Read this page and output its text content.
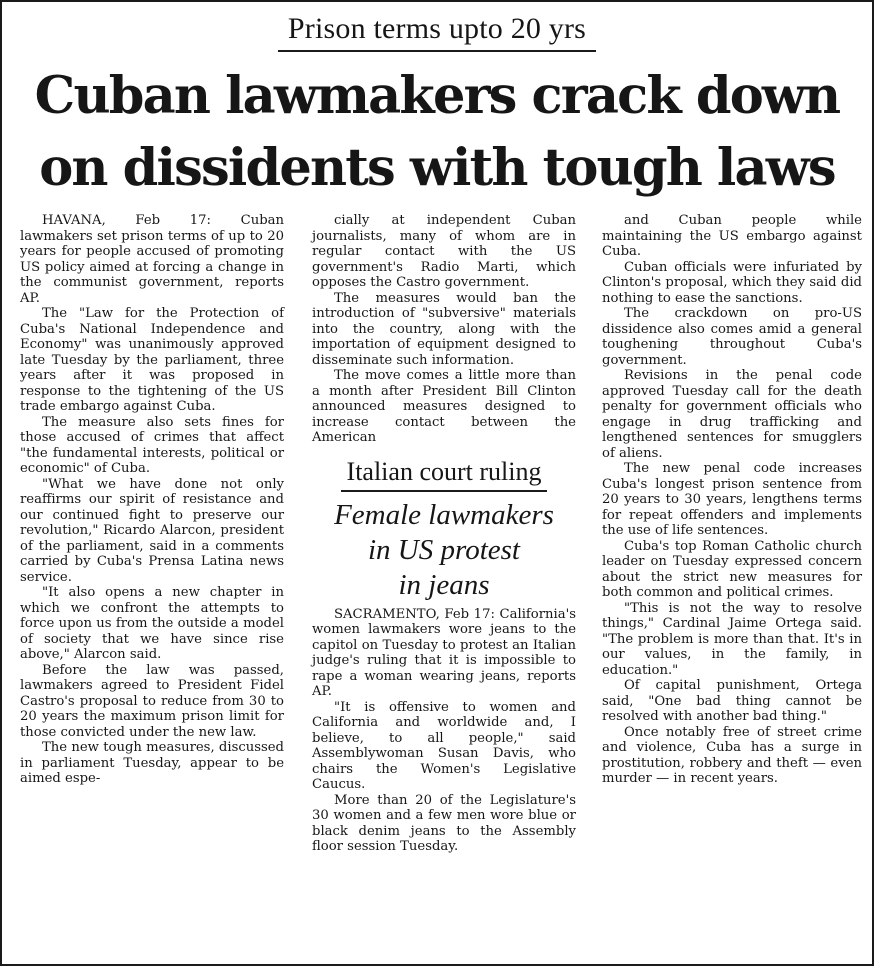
Prison terms upto 20 yrs
Cuban lawmakers crack down
on dissidents with tough laws

HAVANA, Feb 17: Cuban lawmakers set prison terms of up to 20 years for people accused of promoting US policy aimed at forcing a change in the communist government, reports AP.

The "Law for the Protection of Cuba's National Independence and Economy" was unanimously approved late Tuesday by the parliament, three years after it was proposed in response to the tightening of the US trade embargo against Cuba.

The measure also sets fines for those accused of crimes that affect "the fundamental interests, political or economic" of Cuba.

"What we have done not only reaffirms our spirit of resistance and our continued fight to preserve our revolution," Ricardo Alarcon, president of the parliament, said in a comments carried by Cuba's Prensa Latina news service.

"It also opens a new chapter in which we confront the attempts to force upon us from the outside a model of society that we have since rise above," Alarcon said.

Before the law was passed, lawmakers agreed to President Fidel Castro's proposal to reduce from 30 to 20 years the maximum prison limit for those convicted under the new law.

The new tough measures, discussed in parliament Tuesday, appear to be aimed espe-

cially at independent Cuban journalists, many of whom are in regular contact with the US government's Radio Marti, which opposes the Castro government.

The measures would ban the introduction of "subversive" materials into the country, along with the importation of equipment designed to disseminate such information.

The move comes a little more than a month after President Bill Clinton announced measures designed to increase contact between the American

Italian court ruling
Female lawmakers
in US protest
in jeans

SACRAMENTO, Feb 17: California's women lawmakers wore jeans to the capitol on Tuesday to protest an Italian judge's ruling that it is impossible to rape a woman wearing jeans, reports AP.

"It is offensive to women and California and worldwide and, I believe, to all people," said Assemblywoman Susan Davis, who chairs the Women's Legislative Caucus.

More than 20 of the Legislature's 30 women and a few men wore blue or black denim jeans to the Assembly floor session Tuesday.

and Cuban people while maintaining the US embargo against Cuba.

Cuban officials were infuriated by Clinton's proposal, which they said did nothing to ease the sanctions.

The crackdown on pro-US dissidence also comes amid a general toughening throughout Cuba's government.

Revisions in the penal code approved Tuesday call for the death penalty for government officials who engage in drug trafficking and lengthened sentences for smugglers of aliens.

The new penal code increases Cuba's longest prison sentence from 20 years to 30 years, lengthens terms for repeat offenders and implements the use of life sentences.

Cuba's top Roman Catholic church leader on Tuesday expressed concern about the strict new measures for both common and political crimes.

"This is not the way to resolve things," Cardinal Jaime Ortega said. "The problem is more than that. It's in our values, in the family, in education."

Of capital punishment, Ortega said, "One bad thing cannot be resolved with another bad thing."

Once notably free of street crime and violence, Cuba has a surge in prostitution, robbery and theft — even murder — in recent years.
